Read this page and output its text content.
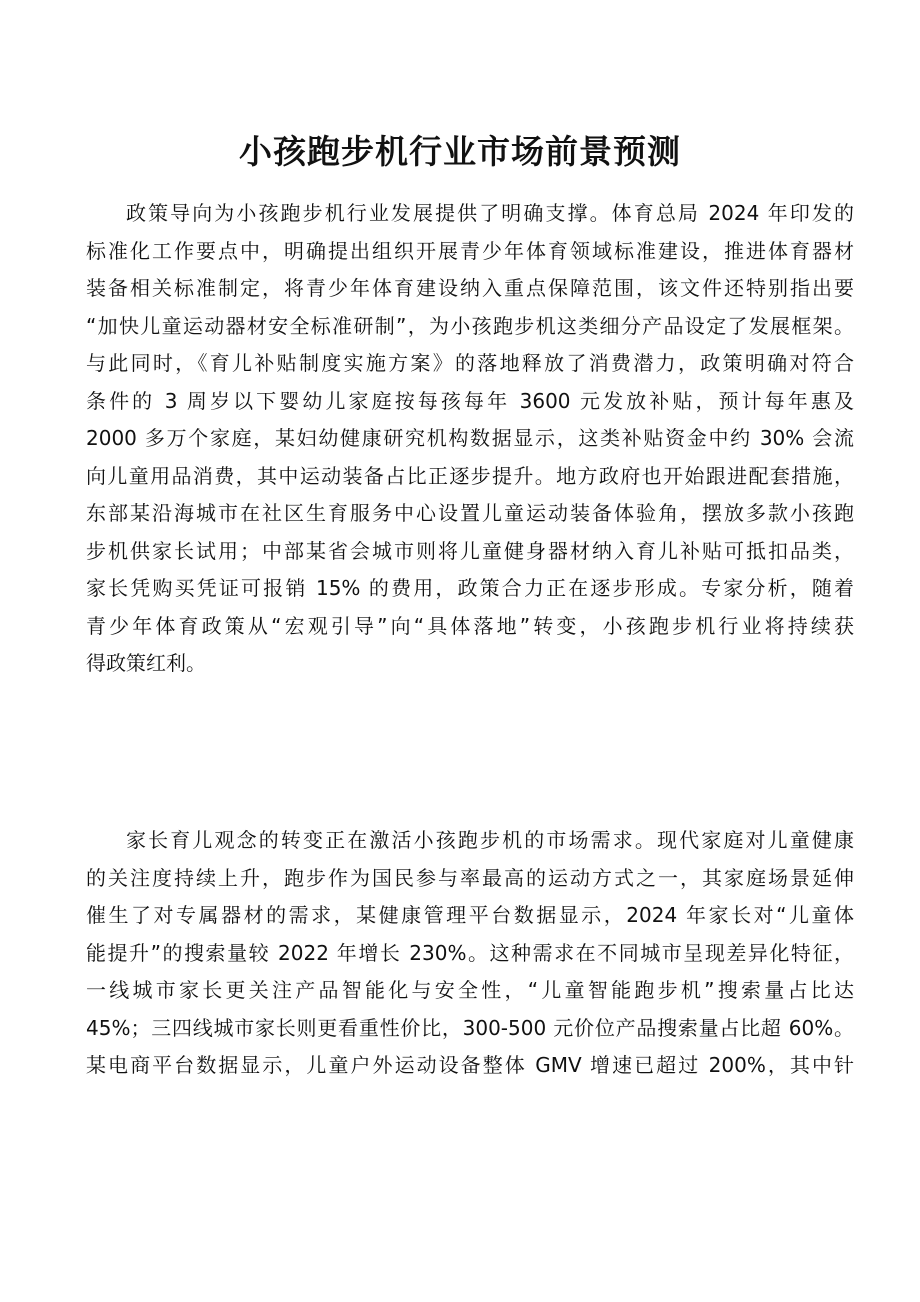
小孩跑步机行业市场前景预测
政策导向为小孩跑步机行业发展提供了明确支撑。体育总局 2024 年印发的
标准化工作要点中，明确提出组织开展青少年体育领域标准建设，推进体育器材
装备相关标准制定，将青少年体育建设纳入重点保障范围，该文件还特别指出要
“加快儿童运动器材安全标准研制”，为小孩跑步机这类细分产品设定了发展框架。
与此同时，《育儿补贴制度实施方案》的落地释放了消费潜力，政策明确对符合
条件的 3 周岁以下婴幼儿家庭按每孩每年 3600 元发放补贴，预计每年惠及
2000 多万个家庭，某妇幼健康研究机构数据显示，这类补贴资金中约 30% 会流
向儿童用品消费，其中运动装备占比正逐步提升。地方政府也开始跟进配套措施，
东部某沿海城市在社区生育服务中心设置儿童运动装备体验角，摆放多款小孩跑
步机供家长试用；中部某省会城市则将儿童健身器材纳入育儿补贴可抵扣品类，
家长凭购买凭证可报销 15% 的费用，政策合力正在逐步形成。专家分析，随着
青少年体育政策从“宏观引导”向“具体落地”转变，小孩跑步机行业将持续获
得政策红利。
家长育儿观念的转变正在激活小孩跑步机的市场需求。现代家庭对儿童健康
的关注度持续上升，跑步作为国民参与率最高的运动方式之一，其家庭场景延伸
催生了对专属器材的需求，某健康管理平台数据显示，2024 年家长对“儿童体
能提升”的搜索量较 2022 年增长 230%。这种需求在不同城市呈现差异化特征，
一线城市家长更关注产品智能化与安全性，“儿童智能跑步机”搜索量占比达
45%；三四线城市家长则更看重性价比，300-500 元价位产品搜索量占比超 60%。
某电商平台数据显示，儿童户外运动设备整体 GMV 增速已超过 200%，其中针
